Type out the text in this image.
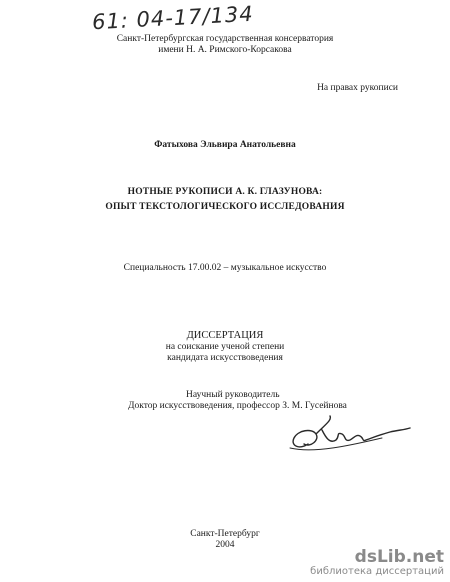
61: 04-17/134
Санкт-Петербургская государственная консерватория
имени Н. А. Римского-Корсакова
На правах рукописи
Фатыхова Эльвира Анатольевна
НОТНЫЕ РУКОПИСИ А. К. ГЛАЗУНОВА:
ОПЫТ ТЕКСТОЛОГИЧЕСКОГО ИССЛЕДОВАНИЯ
Специальность 17.00.02 – музыкальное искусство
ДИССЕРТАЦИЯ
на соискание ученой степени
кандидата искусствоведения
Научный руководитель
Доктор искусствоведения, профессор З. М. Гусейнова
Санкт-Петербург
2004
dsLib.net
библиотека диссертаций
